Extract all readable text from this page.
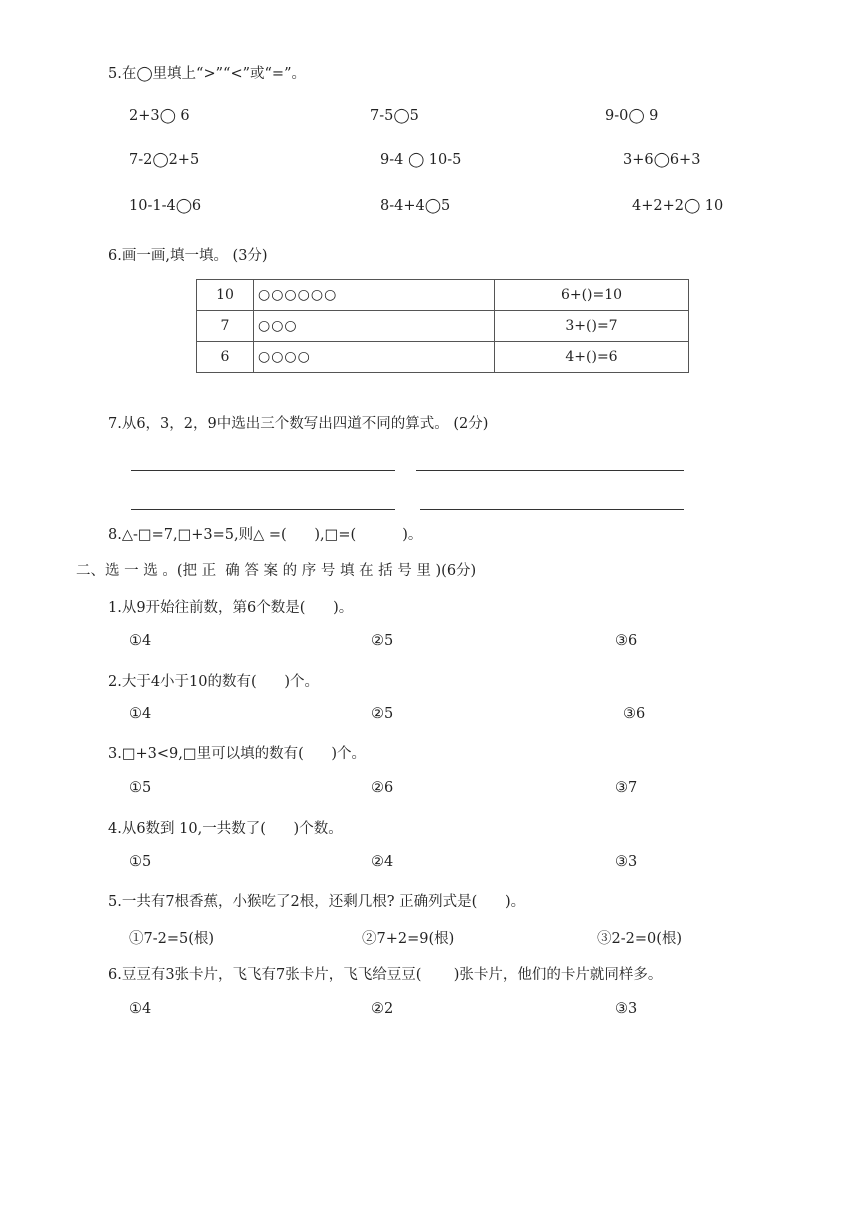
5.在◯里填上“>”“<”或“=”。
2+3◯ 6	7-5◯5	9-0◯ 9
7-2◯2+5	9-4 ◯ 10-5	3+6◯6+3
10-1-4◯6	8-4+4◯5	4+2+2◯ 10
6.画一画,填一填。 (3分)
10	○○○○○○	6+()=10
7	○○○	3+()=7
6	○○○○	4+()=6
7.从6，3，2，9中选出三个数写出四道不同的算式。 (2分)
8.△-□=7,□+3=5,则△ =(      ),□=(          )。
二、选 一 选 。(把 正  确 答 案 的 序 号 填 在 括 号 里 )(6分)
1.从9开始往前数，第6个数是(      )。
①4	②5	③6
2.大于4小于10的数有(      )个。
①4	②5	③6
3.□+3<9,□里可以填的数有(      )个。
①5	②6	③7
4.从6数到 10,一共数了(      )个数。
①5	②4	③3
5.一共有7根香蕉，小猴吃了2根，还剩几根? 正确列式是(      )。
①7-2=5(根)	②7+2=9(根)	③2-2=0(根)
6.豆豆有3张卡片，飞飞有7张卡片，飞飞给豆豆(       )张卡片，他们的卡片就同样多。
①4	②2	③3
